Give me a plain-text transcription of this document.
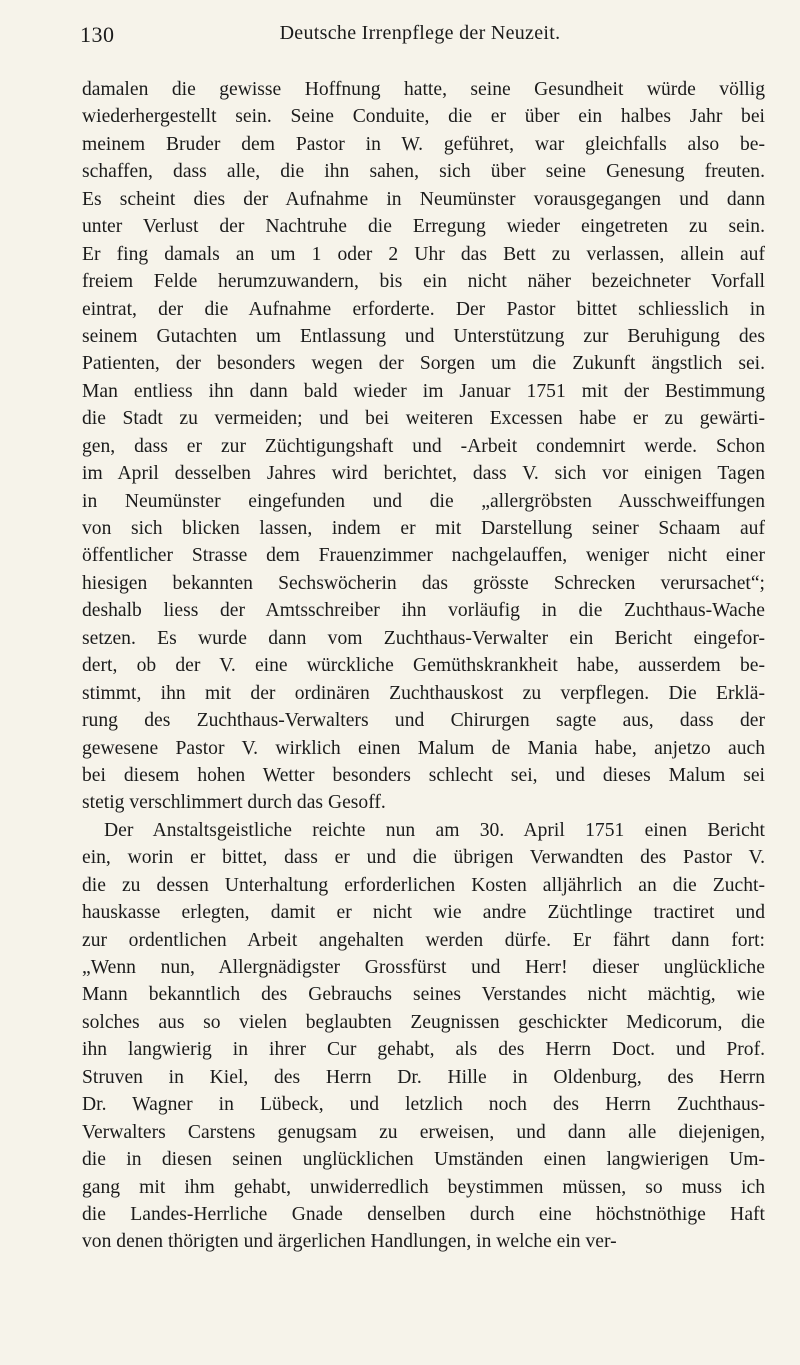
130	Deutsche Irrenpflege der Neuzeit.
damalen die gewisse Hoffnung hatte, seine Gesundheit würde völlig
wiederhergestellt sein. Seine Conduite, die er über ein halbes Jahr bei
meinem Bruder dem Pastor in W. geführet, war gleichfalls also be-
schaffen, dass alle, die ihn sahen, sich über seine Genesung freuten.
Es scheint dies der Aufnahme in Neumünster vorausgegangen und dann
unter Verlust der Nachtruhe die Erregung wieder eingetreten zu sein.
Er fing damals an um 1 oder 2 Uhr das Bett zu verlassen, allein auf
freiem Felde herumzuwandern, bis ein nicht näher bezeichneter Vorfall
eintrat, der die Aufnahme erforderte. Der Pastor bittet schliesslich in
seinem Gutachten um Entlassung und Unterstützung zur Beruhigung des
Patienten, der besonders wegen der Sorgen um die Zukunft ängstlich sei.
Man entliess ihn dann bald wieder im Januar 1751 mit der Bestimmung
die Stadt zu vermeiden; und bei weiteren Excessen habe er zu gewärti-
gen, dass er zur Züchtigungshaft und -Arbeit condemnirt werde. Schon
im April desselben Jahres wird berichtet, dass V. sich vor einigen Tagen
in Neumünster eingefunden und die „allergröbsten Ausschweiffungen
von sich blicken lassen, indem er mit Darstellung seiner Schaam auf
öffentlicher Strasse dem Frauenzimmer nachgelauffen, weniger nicht einer
hiesigen bekannten Sechswöcherin das grösste Schrecken verursachet“;
deshalb liess der Amtsschreiber ihn vorläufig in die Zuchthaus-Wache
setzen. Es wurde dann vom Zuchthaus-Verwalter ein Bericht eingefor-
dert, ob der V. eine würckliche Gemüthskrankheit habe, ausserdem be-
stimmt, ihn mit der ordinären Zuchthauskost zu verpflegen. Die Erklä-
rung des Zuchthaus-Verwalters und Chirurgen sagte aus, dass der
gewesene Pastor V. wirklich einen Malum de Mania habe, anjetzo auch
bei diesem hohen Wetter besonders schlecht sei, und dieses Malum sei
stetig verschlimmert durch das Gesoff.
Der Anstaltsgeistliche reichte nun am 30. April 1751 einen Bericht
ein, worin er bittet, dass er und die übrigen Verwandten des Pastor V.
die zu dessen Unterhaltung erforderlichen Kosten alljährlich an die Zucht-
hauskasse erlegten, damit er nicht wie andre Züchtlinge tractiret und
zur ordentlichen Arbeit angehalten werden dürfe. Er fährt dann fort:
„Wenn nun, Allergnädigster Grossfürst und Herr! dieser unglückliche
Mann bekanntlich des Gebrauchs seines Verstandes nicht mächtig, wie
solches aus so vielen beglaubten Zeugnissen geschickter Medicorum, die
ihn langwierig in ihrer Cur gehabt, als des Herrn Doct. und Prof.
Struven in Kiel, des Herrn Dr. Hille in Oldenburg, des Herrn
Dr. Wagner in Lübeck, und letzlich noch des Herrn Zuchthaus-
Verwalters Carstens genugsam zu erweisen, und dann alle diejenigen,
die in diesen seinen unglücklichen Umständen einen langwierigen Um-
gang mit ihm gehabt, unwiderredlich beystimmen müssen, so muss ich
die Landes-Herrliche Gnade denselben durch eine höchstnöthige Haft
von denen thörigten und ärgerlichen Handlungen, in welche ein ver-
